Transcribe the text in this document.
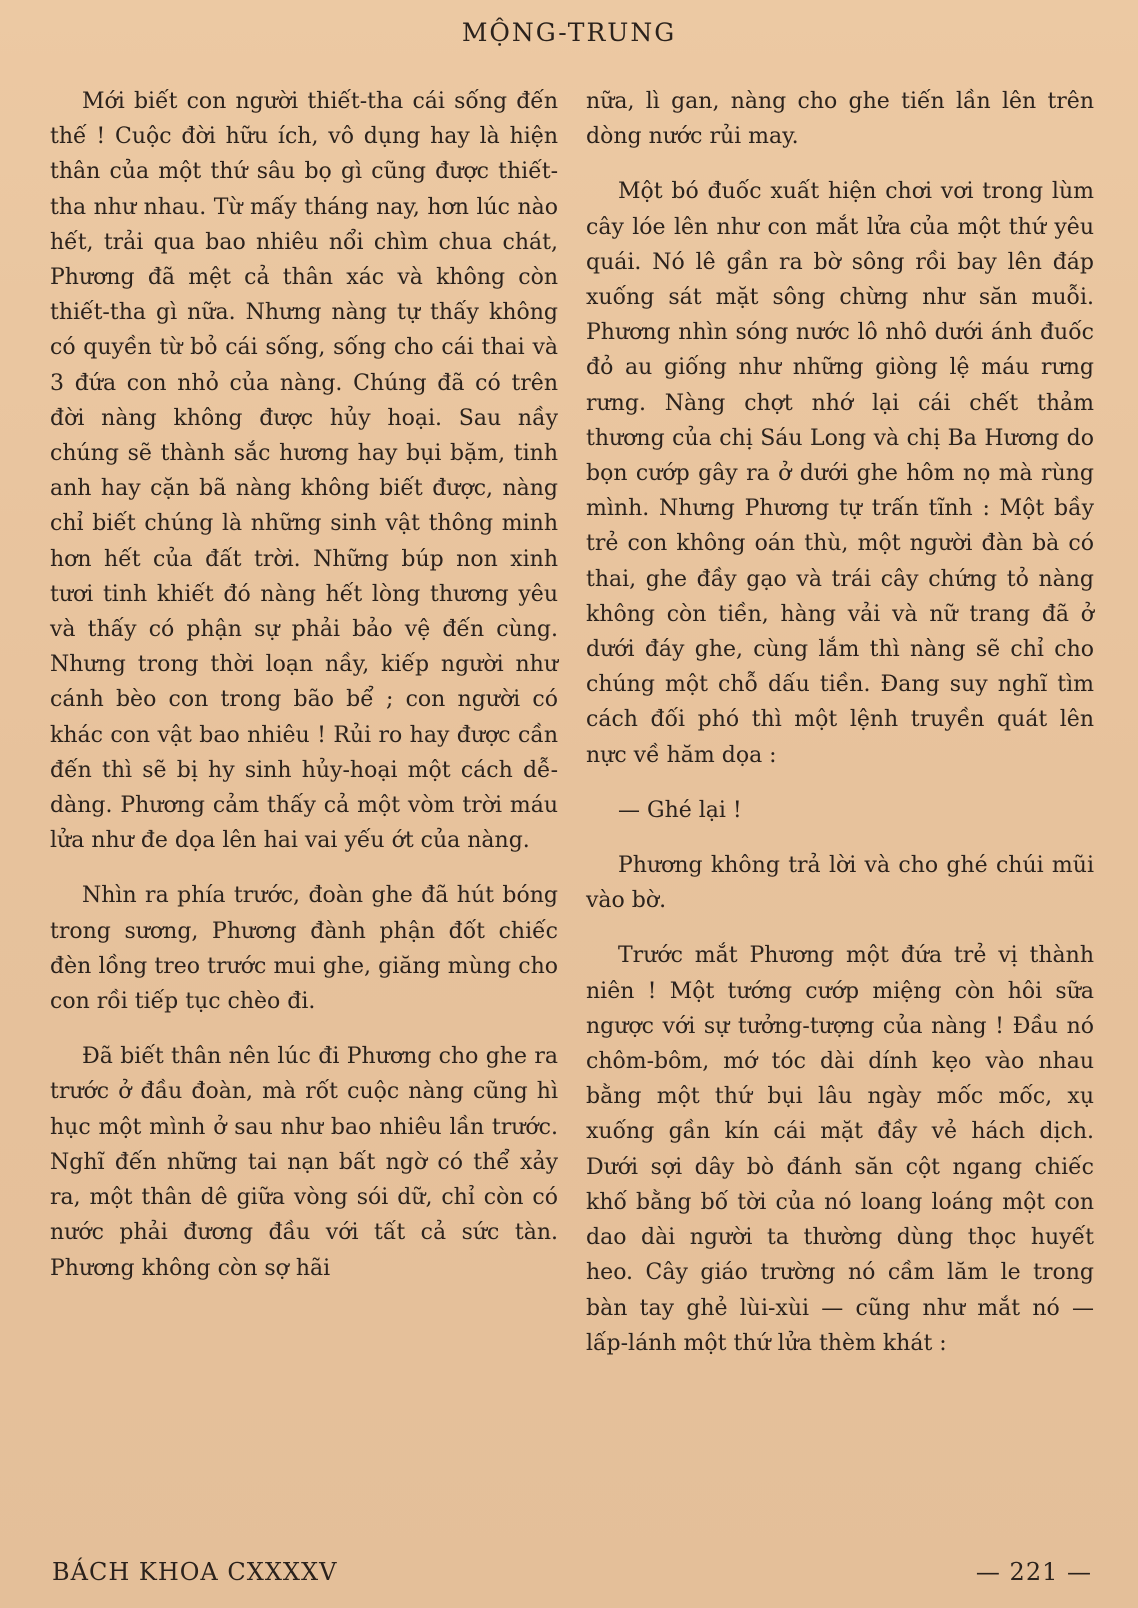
MỘNG-TRUNG

Mới biết con người thiết-tha cái sống đến thế ! Cuộc đời hữu ích, vô dụng hay là hiện thân của một thứ sâu bọ gì cũng được thiết-tha như nhau. Từ mấy tháng nay, hơn lúc nào hết, trải qua bao nhiêu nổi chìm chua chát, Phương đã mệt cả thân xác và không còn thiết-tha gì nữa. Nhưng nàng tự thấy không có quyền từ bỏ cái sống, sống cho cái thai và 3 đứa con nhỏ của nàng. Chúng đã có trên đời nàng không được hủy hoại. Sau nầy chúng sẽ thành sắc hương hay bụi bặm, tinh anh hay cặn bã nàng không biết được, nàng chỉ biết chúng là những sinh vật thông minh hơn hết của đất trời. Những búp non xinh tươi tinh khiết đó nàng hết lòng thương yêu và thấy có phận sự phải bảo vệ đến cùng. Nhưng trong thời loạn nầy, kiếp người như cánh bèo con trong bão bể ; con người có khác con vật bao nhiêu ! Rủi ro hay được cần đến thì sẽ bị hy sinh hủy-hoại một cách dễ-dàng. Phương cảm thấy cả một vòm trời máu lửa như đe dọa lên hai vai yếu ớt của nàng.

Nhìn ra phía trước, đoàn ghe đã hút bóng trong sương, Phương đành phận đốt chiếc đèn lồng treo trước mui ghe, giăng mùng cho con rồi tiếp tục chèo đi.

Đã biết thân nên lúc đi Phương cho ghe ra trước ở đầu đoàn, mà rốt cuộc nàng cũng hì hục một mình ở sau như bao nhiêu lần trước. Nghĩ đến những tai nạn bất ngờ có thể xảy ra, một thân dê giữa vòng sói dữ, chỉ còn có nước phải đương đầu với tất cả sức tàn. Phương không còn sợ hãi

nữa, lì gan, nàng cho ghe tiến lần lên trên dòng nước rủi may.

Một bó đuốc xuất hiện chơi vơi trong lùm cây lóe lên như con mắt lửa của một thứ yêu quái. Nó lê gần ra bờ sông rồi bay lên đáp xuống sát mặt sông chừng như săn muỗi. Phương nhìn sóng nước lô nhô dưới ánh đuốc đỏ au giống như những giòng lệ máu rưng rưng. Nàng chợt nhớ lại cái chết thảm thương của chị Sáu Long và chị Ba Hương do bọn cướp gây ra ở dưới ghe hôm nọ mà rùng mình. Nhưng Phương tự trấn tĩnh : Một bầy trẻ con không oán thù, một người đàn bà có thai, ghe đầy gạo và trái cây chứng tỏ nàng không còn tiền, hàng vải và nữ trang đã ở dưới đáy ghe, cùng lắm thì nàng sẽ chỉ cho chúng một chỗ dấu tiền. Đang suy nghĩ tìm cách đối phó thì một lệnh truyền quát lên nực về hăm dọa :

— Ghé lại !

Phương không trả lời và cho ghé chúi mũi vào bờ.

Trước mắt Phương một đứa trẻ vị thành niên ! Một tướng cướp miệng còn hôi sữa ngược với sự tưởng-tượng của nàng ! Đầu nó chôm-bôm, mớ tóc dài dính kẹo vào nhau bằng một thứ bụi lâu ngày mốc mốc, xụ xuống gần kín cái mặt đầy vẻ hách dịch. Dưới sợi dây bò đánh săn cột ngang chiếc khố bằng bố tời của nó loang loáng một con dao dài người ta thường dùng thọc huyết heo. Cây giáo trường nó cầm lăm le trong bàn tay ghẻ lùi-xùi — cũng như mắt nó — lấp-lánh một thứ lửa thèm khát :

BÁCH KHOA CXXXXV	— 221 —
